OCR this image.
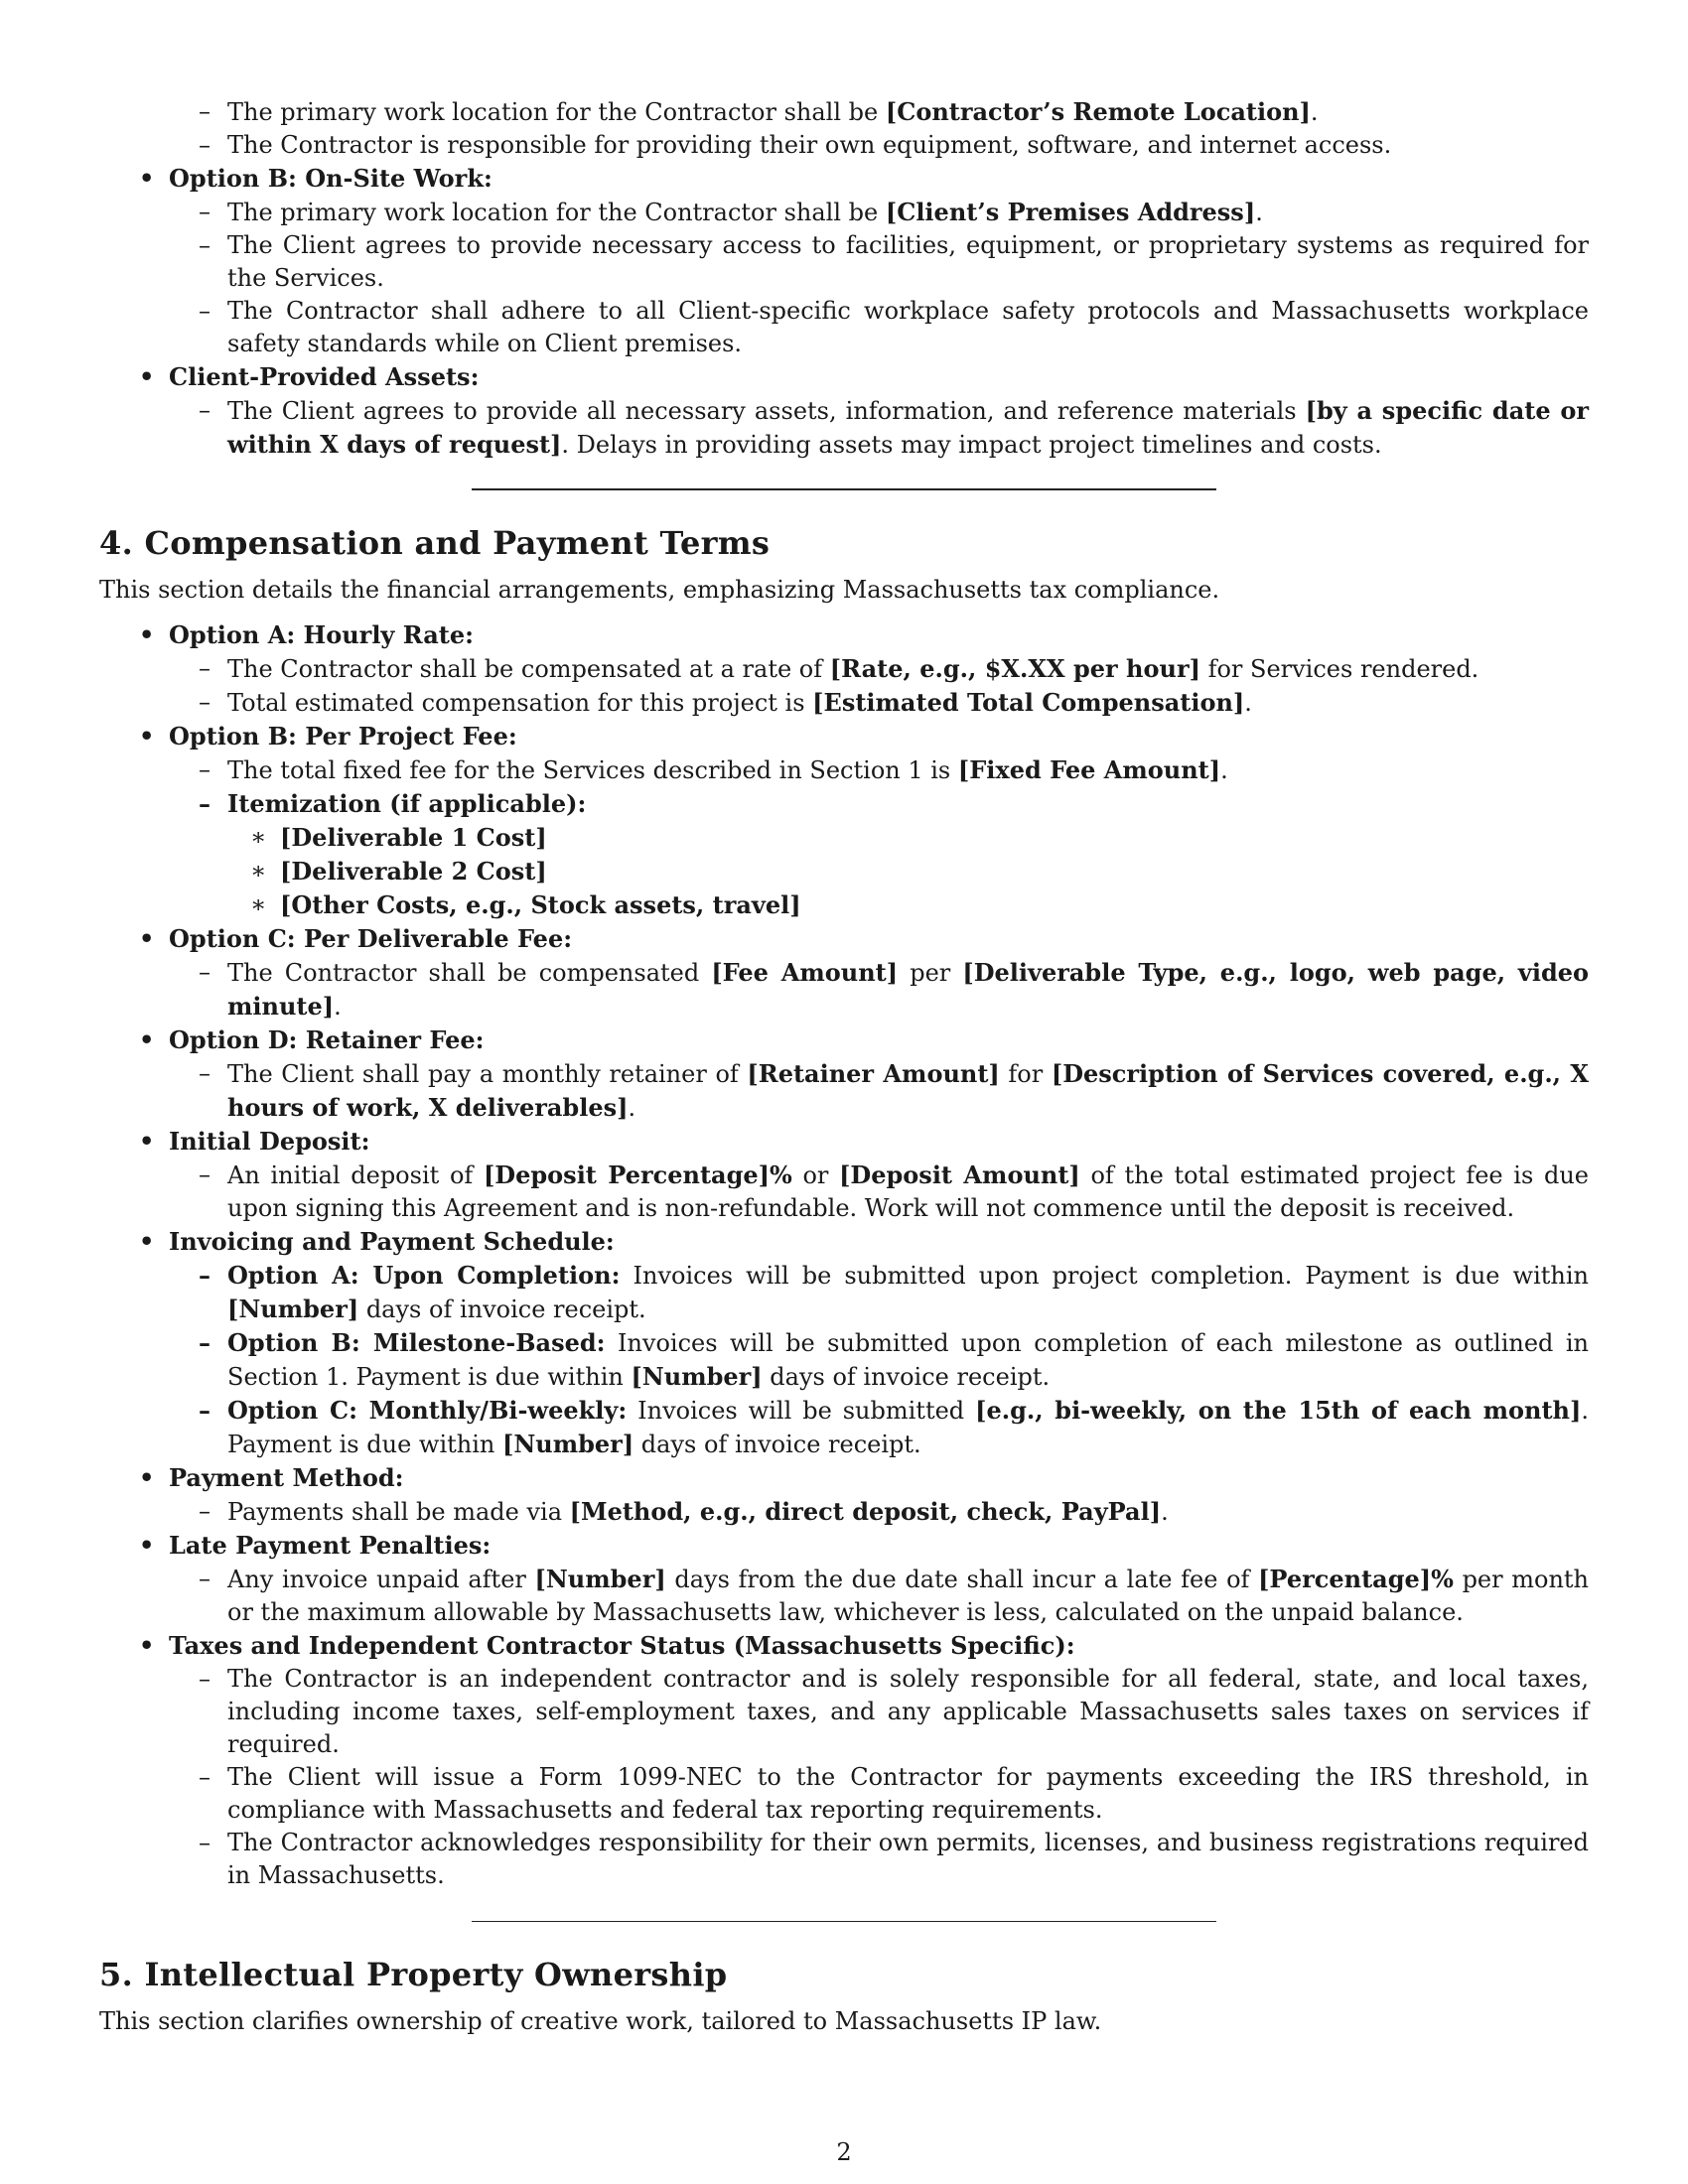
– The primary work location for the Contractor shall be [Contractor’s Remote Location].

– The Contractor is responsible for providing their own equipment, software, and internet access.

• Option B: On-Site Work:

– The primary work location for the Contractor shall be [Client’s Premises Address].

– The Client agrees to provide necessary access to facilities, equipment, or proprietary systems as required for the Services.

– The Contractor shall adhere to all Client-specific workplace safety protocols and Massachusetts workplace safety standards while on Client premises.

• Client-Provided Assets:

– The Client agrees to provide all necessary assets, information, and reference materials [by a specific date or within X days of request]. Delays in providing assets may impact project timelines and costs.

4. Compensation and Payment Terms

This section details the financial arrangements, emphasizing Massachusetts tax compliance.

• Option A: Hourly Rate:

– The Contractor shall be compensated at a rate of [Rate, e.g., $X.XX per hour] for Services rendered.

– Total estimated compensation for this project is [Estimated Total Compensation].

• Option B: Per Project Fee:

– The total fixed fee for the Services described in Section 1 is [Fixed Fee Amount].

– Itemization (if applicable):

∗ [Deliverable 1 Cost]

∗ [Deliverable 2 Cost]

∗ [Other Costs, e.g., Stock assets, travel]

• Option C: Per Deliverable Fee:

– The Contractor shall be compensated [Fee Amount] per [Deliverable Type, e.g., logo, web page, video minute].

• Option D: Retainer Fee:

– The Client shall pay a monthly retainer of [Retainer Amount] for [Description of Services covered, e.g., X hours of work, X deliverables].

• Initial Deposit:

– An initial deposit of [Deposit Percentage]% or [Deposit Amount] of the total estimated project fee is due upon signing this Agreement and is non-refundable. Work will not commence until the deposit is received.

• Invoicing and Payment Schedule:

– Option A: Upon Completion: Invoices will be submitted upon project completion. Payment is due within [Number] days of invoice receipt.

– Option B: Milestone-Based: Invoices will be submitted upon completion of each milestone as outlined in Section 1. Payment is due within [Number] days of invoice receipt.

– Option C: Monthly/Bi-weekly: Invoices will be submitted [e.g., bi-weekly, on the 15th of each month]. Payment is due within [Number] days of invoice receipt.

• Payment Method:

– Payments shall be made via [Method, e.g., direct deposit, check, PayPal].

• Late Payment Penalties:

– Any invoice unpaid after [Number] days from the due date shall incur a late fee of [Percentage]% per month or the maximum allowable by Massachusetts law, whichever is less, calculated on the unpaid balance.

• Taxes and Independent Contractor Status (Massachusetts Specific):

– The Contractor is an independent contractor and is solely responsible for all federal, state, and local taxes, including income taxes, self-employment taxes, and any applicable Massachusetts sales taxes on services if required.

– The Client will issue a Form 1099-NEC to the Contractor for payments exceeding the IRS threshold, in compliance with Massachusetts and federal tax reporting requirements.

– The Contractor acknowledges responsibility for their own permits, licenses, and business registrations required in Massachusetts.

5. Intellectual Property Ownership

This section clarifies ownership of creative work, tailored to Massachusetts IP law.

2
